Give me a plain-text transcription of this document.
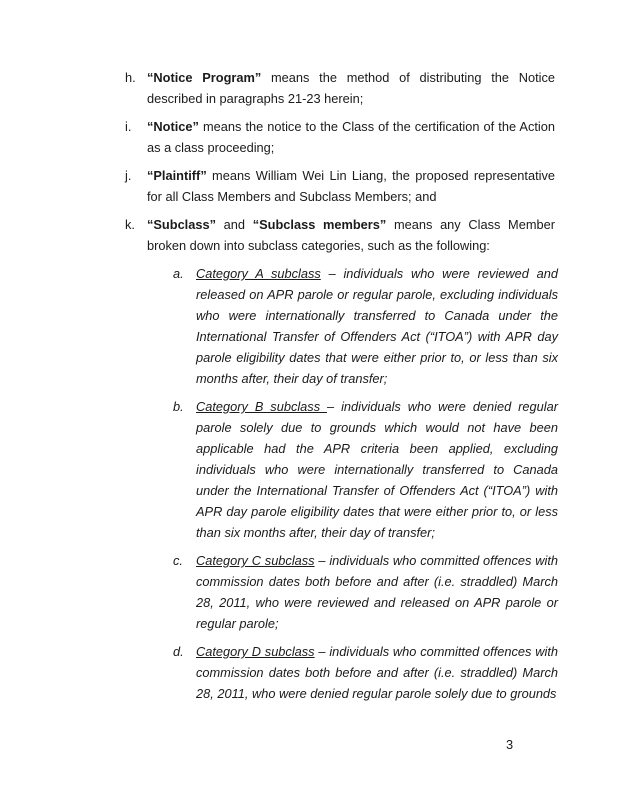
h. “Notice Program” means the method of distributing the Notice described in paragraphs 21-23 herein;
i. “Notice” means the notice to the Class of the certification of the Action as a class proceeding;
j. “Plaintiff” means William Wei Lin Liang, the proposed representative for all Class Members and Subclass Members; and
k. “Subclass” and “Subclass members” means any Class Member broken down into subclass categories, such as the following:
a. Category A subclass – individuals who were reviewed and released on APR parole or regular parole, excluding individuals who were internationally transferred to Canada under the International Transfer of Offenders Act (“ITOA”) with APR day parole eligibility dates that were either prior to, or less than six months after, their day of transfer;
b. Category B subclass – individuals who were denied regular parole solely due to grounds which would not have been applicable had the APR criteria been applied, excluding individuals who were internationally transferred to Canada under the International Transfer of Offenders Act (“ITOA”) with APR day parole eligibility dates that were either prior to, or less than six months after, their day of transfer;
c. Category C subclass – individuals who committed offences with commission dates both before and after (i.e. straddled) March 28, 2011, who were reviewed and released on APR parole or regular parole;
d. Category D subclass – individuals who committed offences with commission dates both before and after (i.e. straddled) March 28, 2011, who were denied regular parole solely due to grounds
3
